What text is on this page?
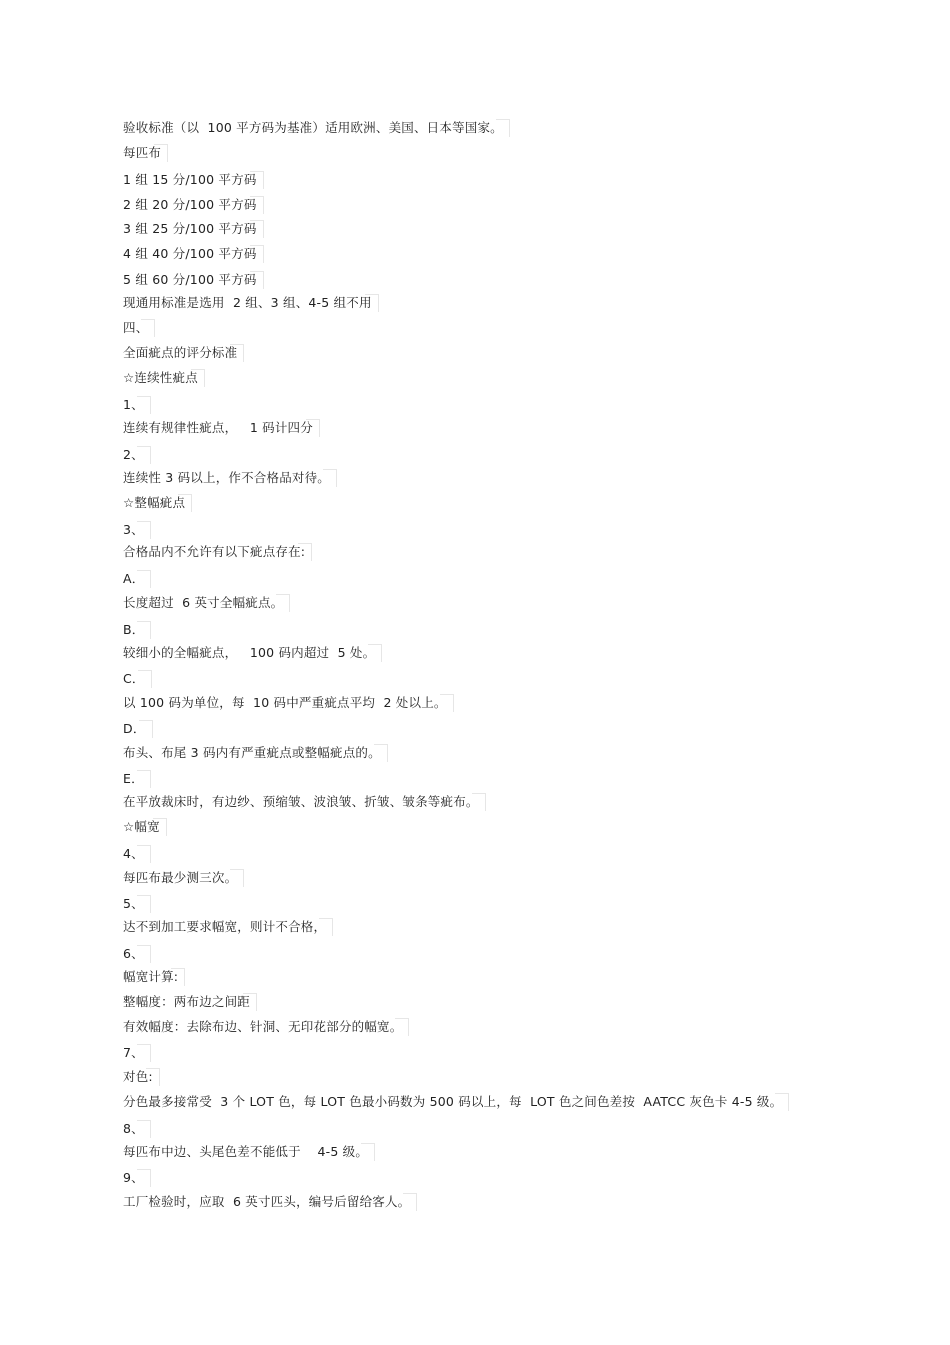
验收标准（以  100 平方码为基准）适用欧洲、美国、日本等国家。
每匹布
1 组 15 分/100 平方码
2 组 20 分/100 平方码
3 组 25 分/100 平方码
4 组 40 分/100 平方码
5 组 60 分/100 平方码
现通用标准是选用  2 组、3 组、4-5 组不用
四、
全面疵点的评分标准
☆连续性疵点
1、
连续有规律性疵点，   1 码计四分
2、
连续性 3 码以上，作不合格品对待。
☆整幅疵点
3、
合格品内不允许有以下疵点存在:
A．
长度超过  6 英寸全幅疵点。
B．
较细小的全幅疵点，   100 码内超过  5 处。
C．
以 100 码为单位，每  10 码中严重疵点平均  2 处以上。
D．
布头、布尾 3 码内有严重疵点或整幅疵点的。
E．
在平放裁床时，有边纱、预缩皱、波浪皱、折皱、皱条等疵布。
☆幅宽
4、
每匹布最少测三次。
5、
达不到加工要求幅宽，则计不合格，
6、
幅宽计算:
整幅度：两布边之间距
有效幅度：去除布边、针洞、无印花部分的幅宽。
7、
对色:
分色最多接常受  3 个 LOT 色，每 LOT 色最小码数为 500 码以上，每  LOT 色之间色差按  AATCC 灰色卡 4-5 级。
8、
每匹布中边、头尾色差不能低于    4-5 级。
9、
工厂检验时，应取  6 英寸匹头，编号后留给客人。
